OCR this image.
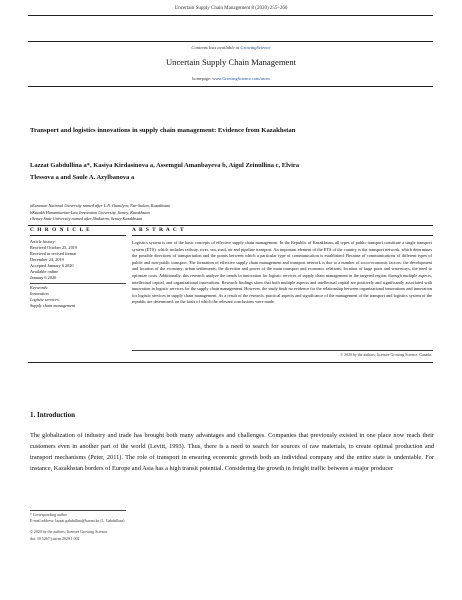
Uncertain Supply Chain Management 8 (2020) 255–266
Contents lists available at GrowingScience
Uncertain Supply Chain Management
homepage: www.GrowingScience.com/uscm
Transport and logistics innovations in supply chain management: Evidence from Kazakhstan
Lazzat Gabdullina a*, Kasiya Kirdasinova a, Assemgul Amanbayeva b, Aigul Zeinullina c, Elvira
Tlessova a and Saule A. Azylbanova a
aEurasian National University named after L.N. Gumilyov, Nur-Sultan, Kazakhstan
bKazakh Humanitarian-Law Innovation University, Semey, Kazakhstan
cSemey State University named after Shakarim, Semey Kazakhstan
C H R O N I C L E	A B S T R A C T
Article history:
Received October 25, 2019
Received in revised format
December 24, 2019
Accepted January 6 2020
Available online
January 6 2020
Keywords:
Innovation
Logistic services
Supply chain management
Logistics system is one of the basic concepts of effective supply chain management. In the Republic of Kazakhstan, all types of public transport constitute a single transport system (ETS), which includes railway, river, sea, road, air and pipeline transport. An important element of the ETS of the country is the transport network, which determines the possible directions of transportation and the points between which a particular type of communication is established. Because of communications of different types of public and non-public transport. The formation of effective supply chain management and transport network is due to a number of socio-economic factors: the development and location of the economy; urban settlements; the direction and power of the main transport and economic relations; location of large ports and waterways, the need to optimize costs. Additionally, this research analyze the trends in innovation for logistic services of supply chain management in the targeted region, through multiple aspects, intellectual capital, and organizational innovations. Research findings show that both multiple aspects and intellectual capital are positively and significantly associated with innovation in logistic services for the supply chain management. However, the study finds no evidence for the relationship between organizational innovations and innovation for logistic services in supply chain management. As a result of the research, practical aspects and significance of the management of the transport and logistics system of the republic are determined, on the basis of which the relevant conclusions were made.
© 2020 by the authors; licensee Growing Science, Canada.
1. Introduction
The globalization of industry and trade has brought both many advantages and challenges. Companies that previously existed in one place now reach their customers even in another part of the world (Levitt, 1993). Thus, there is a need to search for sources of raw materials, to create optimal production and transport mechanisms (Peter, 2011). The role of transport in ensuring economic growth both an individual company and the entire state is undeniable. For instance, Kazakhstan borders of Europe and Asia has a high transit potential. Considering the growth in freight traffic between a major producer
* Corresponding author
E-mail address: lazzat.gabdullina@kaznu.kz (L. Gabdullina)
© 2020 by the authors; licensee Growing Science.
doi: 10.5267/j.uscm.2020.1.002
